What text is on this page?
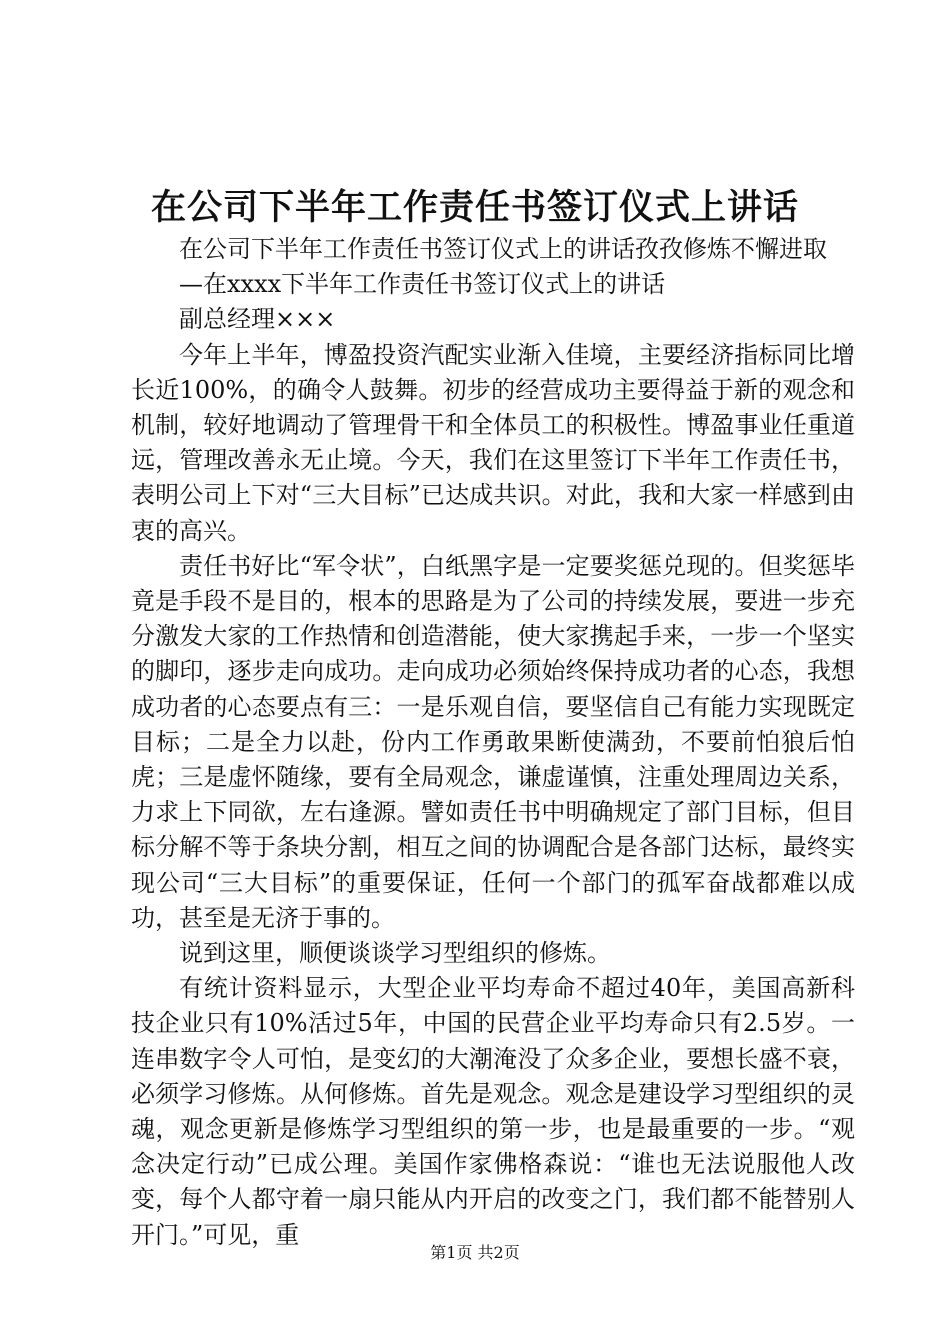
在公司下半年工作责任书签订仪式上讲话

在公司下半年工作责任书签订仪式上的讲话孜孜修炼不懈进取

—在xxxx下半年工作责任书签订仪式上的讲话

副总经理×××

今年上半年，博盈投资汽配实业渐入佳境，主要经济指标同比增长近100%，的确令人鼓舞。初步的经营成功主要得益于新的观念和机制，较好地调动了管理骨干和全体员工的积极性。博盈事业任重道远，管理改善永无止境。今天，我们在这里签订下半年工作责任书，表明公司上下对“三大目标”已达成共识。对此，我和大家一样感到由衷的高兴。

责任书好比“军令状”，白纸黑字是一定要奖惩兑现的。但奖惩毕竟是手段不是目的，根本的思路是为了公司的持续发展，要进一步充分激发大家的工作热情和创造潜能，使大家携起手来，一步一个坚实的脚印，逐步走向成功。走向成功必须始终保持成功者的心态，我想成功者的心态要点有三：一是乐观自信，要坚信自己有能力实现既定目标；二是全力以赴，份内工作勇敢果断使满劲，不要前怕狼后怕虎；三是虚怀随缘，要有全局观念，谦虚谨慎，注重处理周边关系，力求上下同欲，左右逢源。譬如责任书中明确规定了部门目标，但目标分解不等于条块分割，相互之间的协调配合是各部门达标，最终实现公司“三大目标”的重要保证，任何一个部门的孤军奋战都难以成功，甚至是无济于事的。

说到这里，顺便谈谈学习型组织的修炼。

有统计资料显示，大型企业平均寿命不超过40年，美国高新科技企业只有10%活过5年，中国的民营企业平均寿命只有2.5岁。一连串数字令人可怕，是变幻的大潮淹没了众多企业，要想长盛不衰，必须学习修炼。从何修炼。首先是观念。观念是建设学习型组织的灵魂，观念更新是修炼学习型组织的第一步，也是最重要的一步。“观念决定行动”已成公理。美国作家佛格森说：“谁也无法说服他人改变，每个人都守着一扇只能从内开启的改变之门，我们都不能替别人开门。”可见，重

第1页 共2页
